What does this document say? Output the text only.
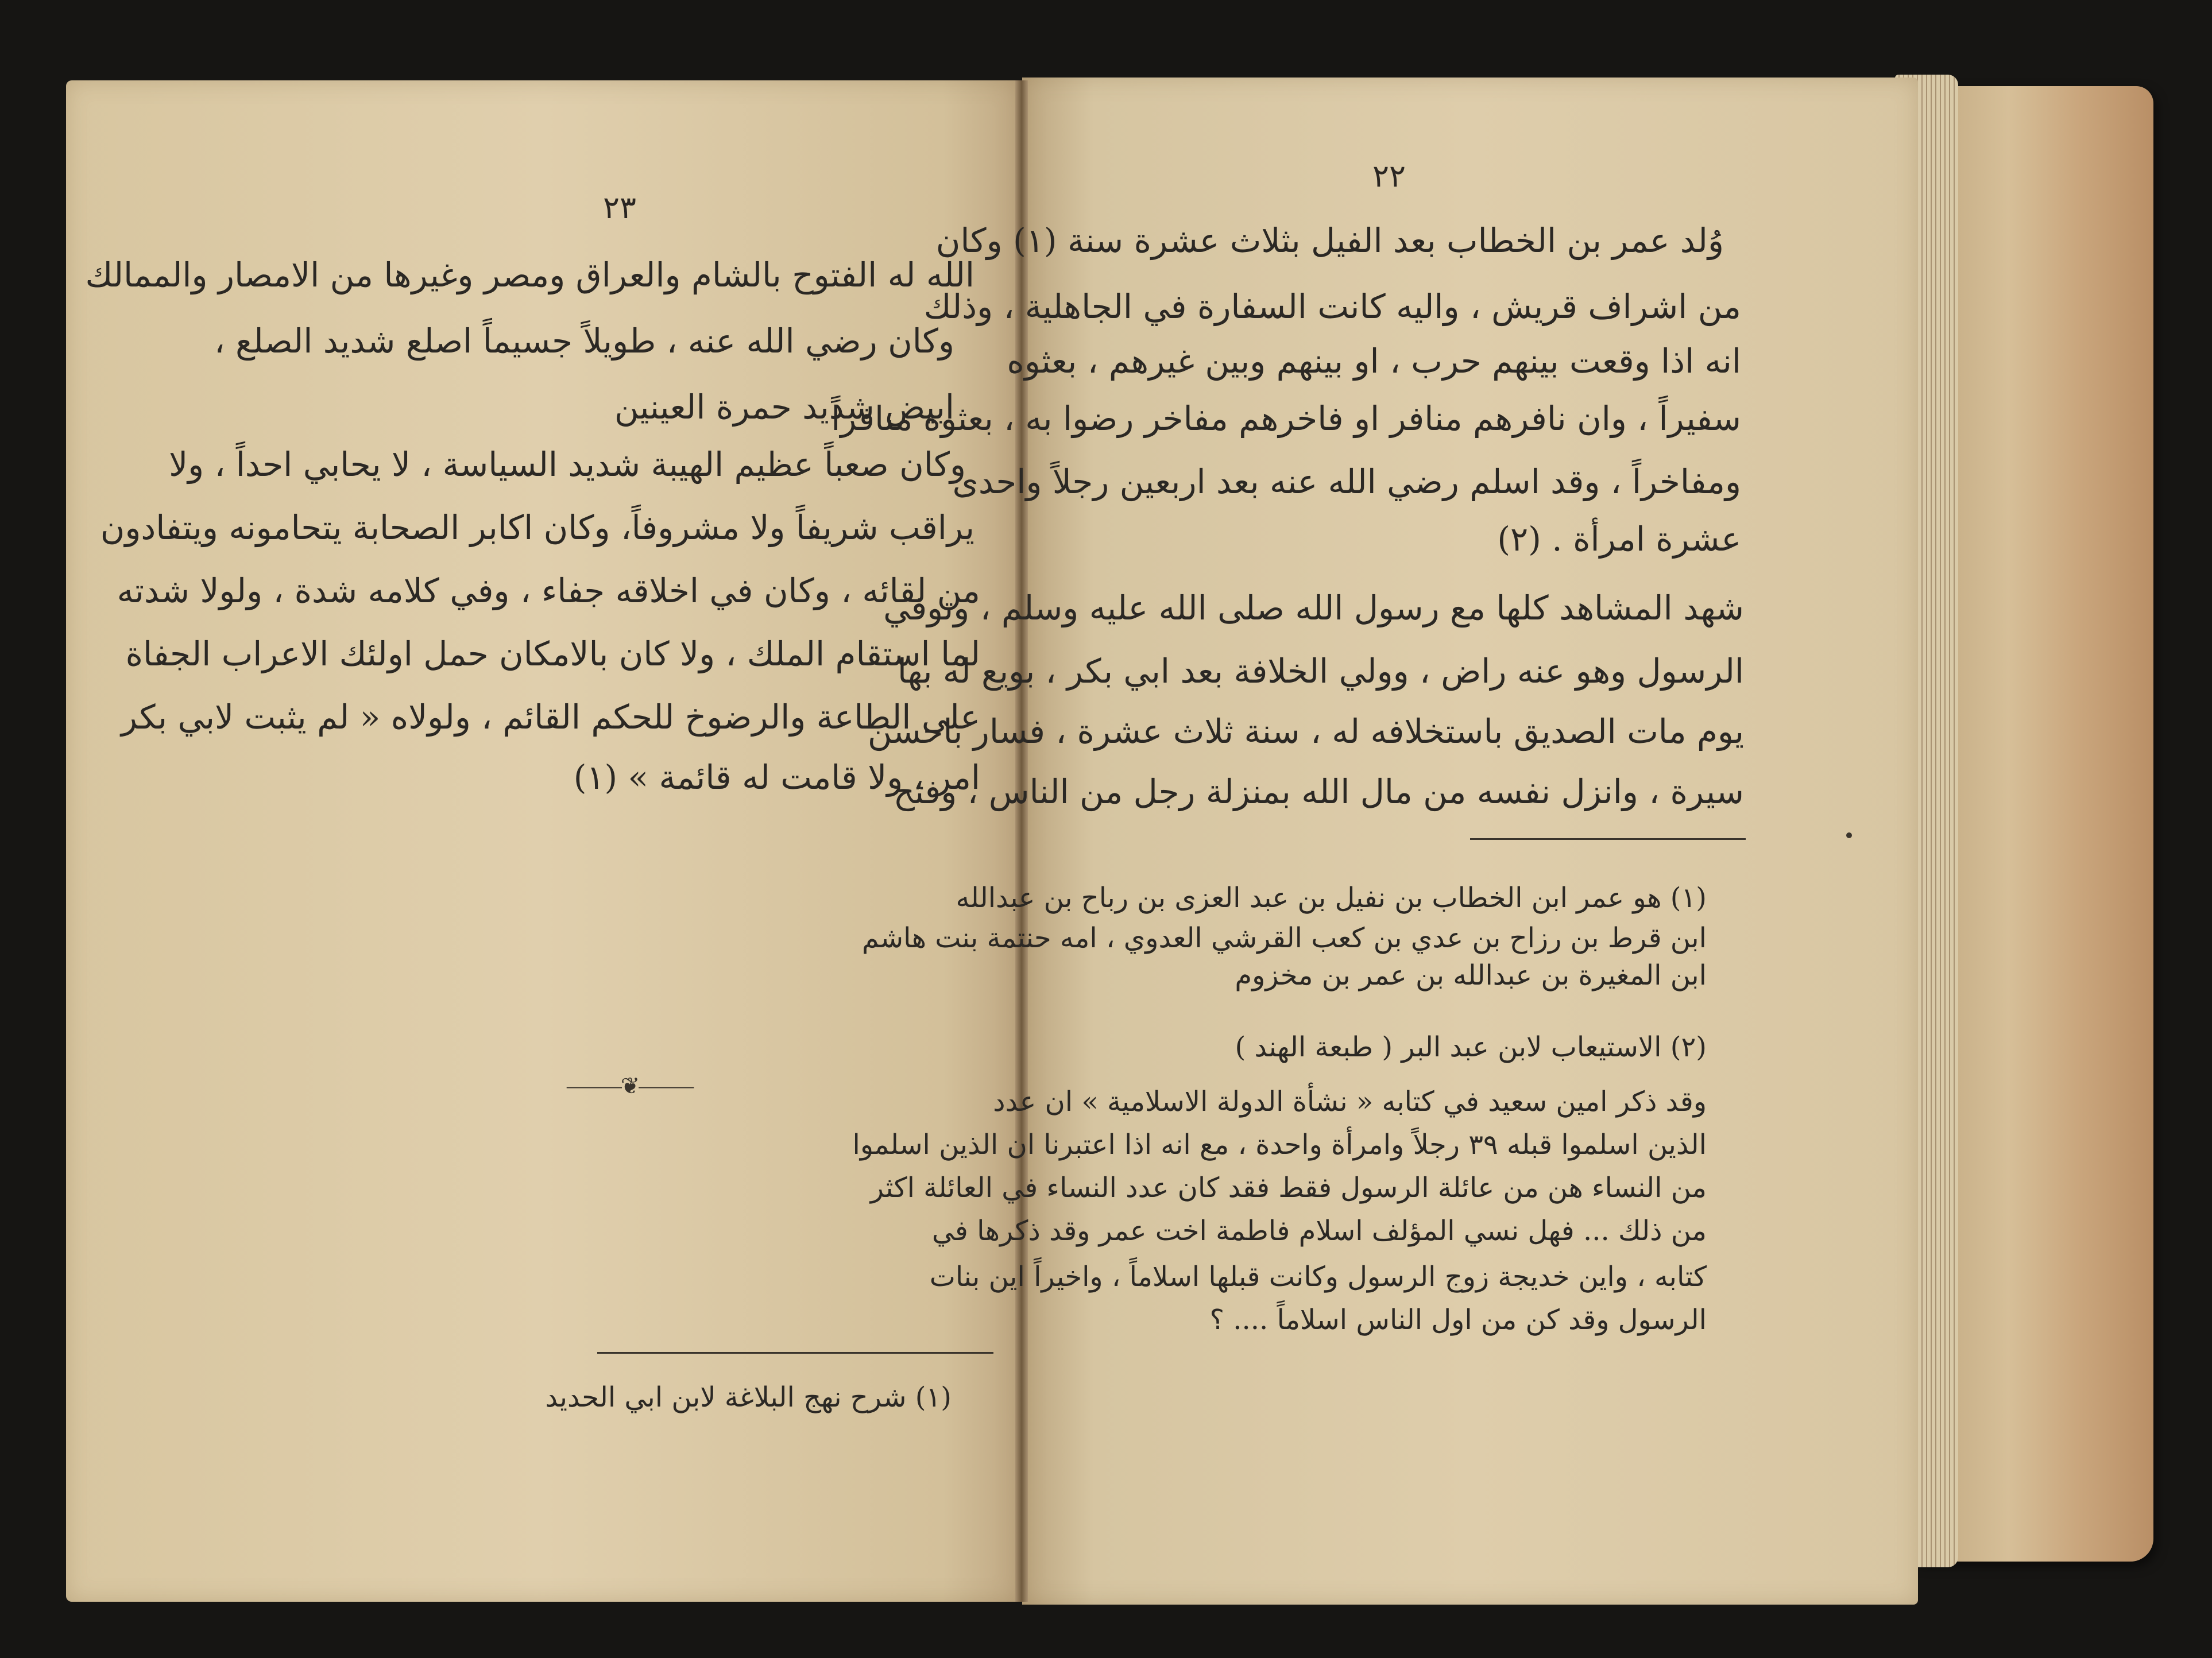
٢٣
الله له الفتوح بالشام والعراق ومصر وغيرها من الامصار والممالك
وكان رضي الله عنه ، طويلاً جسيماً اصلع شديد الصلع ،
ابيض شديد حمرة العينين
وكان صعباً عظيم الهيبة شديد السياسة ، لا يحابي احداً ، ولا
يراقب شريفاً ولا مشروفاً، وكان اكابر الصحابة يتحامونه ويتفادون
من لقائه ، وكان في اخلاقه جفاء ، وفي كلامه شدة ، ولولا شدته
لما استقام الملك ، ولا كان بالامكان حمل اولئك الاعراب الجفاة
على الطاعة والرضوخ للحكم القائم ، ولولاه « لم يثبت لابي بكر
امر ، ولا قامت له قائمة » (١)
⸻❦⸻
(١) شرح نهج البلاغة لابن ابي الحديد
٢٢
وُلد عمر بن الخطاب بعد الفيل بثلاث عشرة سنة (١) وكان
من اشراف قريش ، واليه كانت السفارة في الجاهلية ، وذلك
انه اذا وقعت بينهم حرب ، او بينهم وبين غيرهم ، بعثوه
سفيراً ، وان نافرهم منافر او فاخرهم مفاخر رضوا به ، بعثوه منافراً
ومفاخراً ، وقد اسلم رضي الله عنه بعد اربعين رجلاً واحدى
عشرة امرأة . (٢)
شهد المشاهد كلها مع رسول الله صلى الله عليه وسلم ، وتوفي
الرسول وهو عنه راض ، وولي الخلافة بعد ابي بكر ، بويع له بها
يوم مات الصديق باستخلافه له ، سنة ثلاث عشرة ، فسار باحسن
سيرة ، وانزل نفسه من مال الله بمنزلة رجل من الناس ، وفتح
(١) هو عمر ابن الخطاب بن نفيل بن عبد العزى بن رباح بن عبدالله
ابن قرط بن رزاح بن عدي بن كعب القرشي العدوي ، امه حنتمة بنت هاشم
ابن المغيرة بن عبدالله بن عمر بن مخزوم
(٢) الاستيعاب لابن عبد البر ( طبعة الهند )
وقد ذكر امين سعيد في كتابه « نشأة الدولة الاسلامية » ان عدد
الذين اسلموا قبله ٣٩ رجلاً وامرأة واحدة ، مع انه اذا اعتبرنا ان الذين اسلموا
من النساء هن من عائلة الرسول فقط فقد كان عدد النساء في العائلة اكثر
من ذلك ... فهل نسي المؤلف اسلام فاطمة اخت عمر وقد ذكرها في
كتابه ، واين خديجة زوج الرسول وكانت قبلها اسلاماً ، واخيراً اين بنات
الرسول وقد كن من اول الناس اسلاماً .... ؟
